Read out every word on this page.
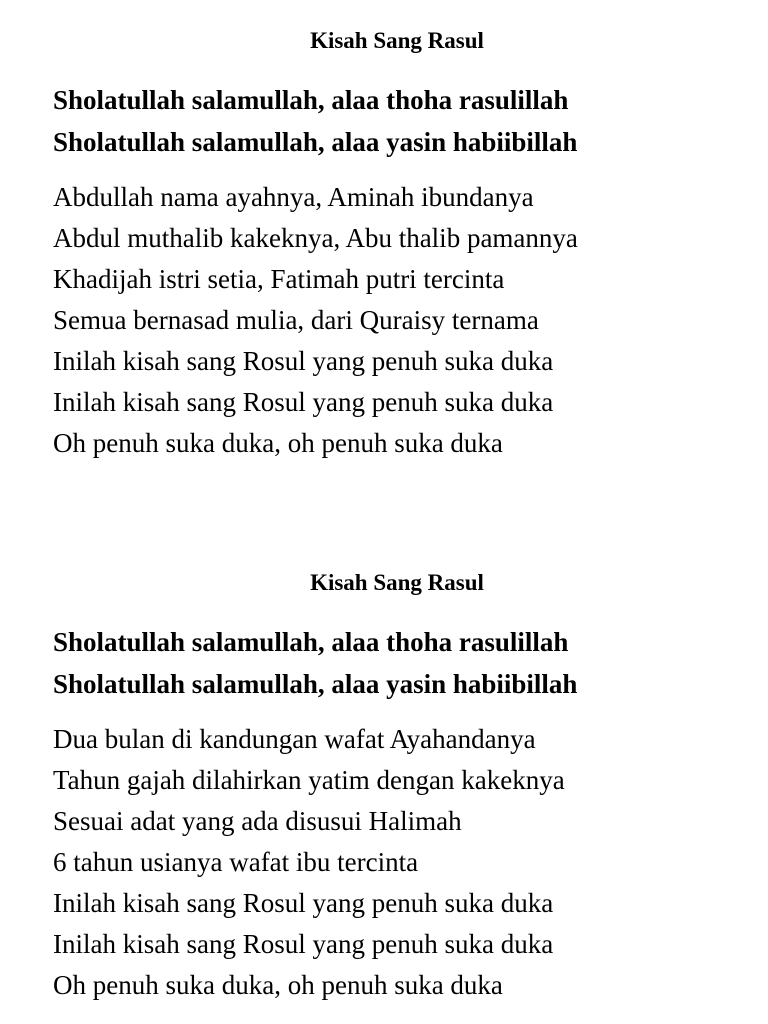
Kisah Sang Rasul
Sholatullah salamullah, alaa thoha rasulillah
Sholatullah salamullah, alaa yasin habiibillah
Abdullah nama ayahnya, Aminah ibundanya
Abdul muthalib kakeknya, Abu thalib pamannya
Khadijah istri setia, Fatimah putri tercinta
Semua bernasad mulia, dari Quraisy ternama
Inilah kisah sang Rosul yang penuh suka duka
Inilah kisah sang Rosul yang penuh suka duka
Oh penuh suka duka, oh penuh suka duka
Kisah Sang Rasul
Sholatullah salamullah, alaa thoha rasulillah
Sholatullah salamullah, alaa yasin habiibillah
Dua bulan di kandungan wafat Ayahandanya
Tahun gajah dilahirkan yatim dengan kakeknya
Sesuai adat yang ada disusui Halimah
6 tahun usianya wafat ibu tercinta
Inilah kisah sang Rosul yang penuh suka duka
Inilah kisah sang Rosul yang penuh suka duka
Oh penuh suka duka, oh penuh suka duka
